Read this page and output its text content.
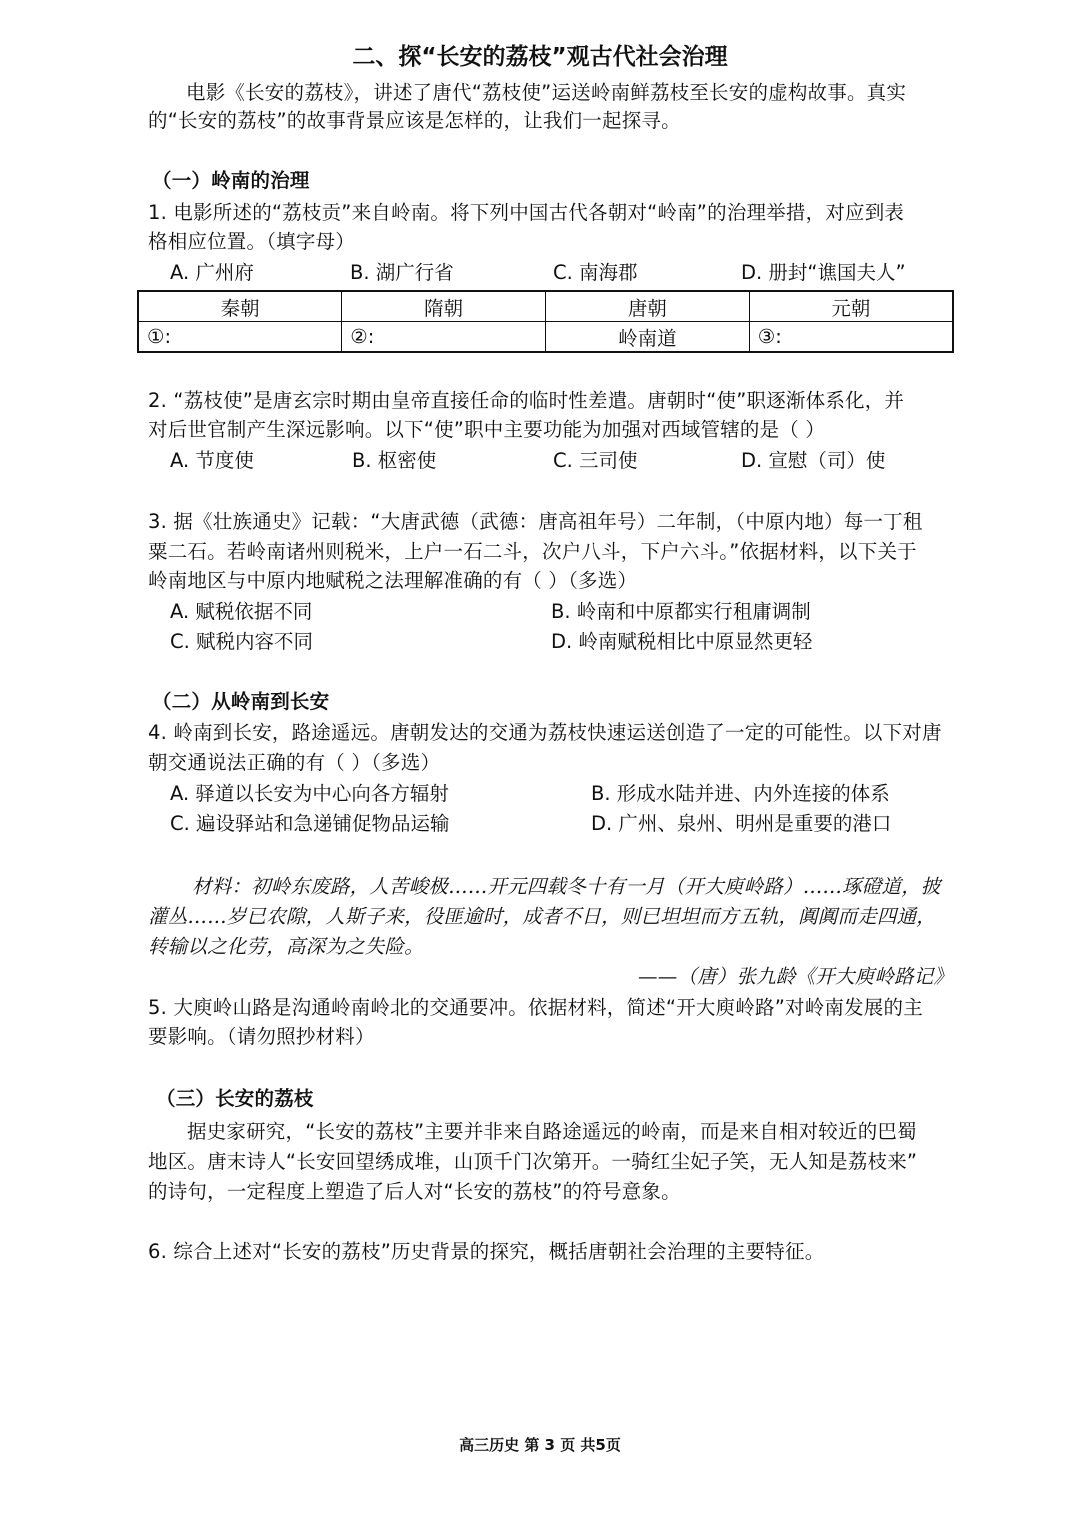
二、探“长安的荔枝”观古代社会治理
电影《长安的荔枝》，讲述了唐代“荔枝使”运送岭南鲜荔枝至长安的虚构故事。真实
的“长安的荔枝”的故事背景应该是怎样的，让我们一起探寻。
（一）岭南的治理
1. 电影所述的“荔枝贡”来自岭南。将下列中国古代各朝对“岭南”的治理举措，对应到表
格相应位置。（填字母）
A. 广州府	B. 湖广行省	C. 南海郡	D. 册封“谯国夫人”
秦朝	隋朝	唐朝	元朝
①:	②:	岭南道	③:
2. “荔枝使”是唐玄宗时期由皇帝直接任命的临时性差遣。唐朝时“使”职逐渐体系化，并
对后世官制产生深远影响。以下“使”职中主要功能为加强对西域管辖的是（ ）
A. 节度使	B. 枢密使	C. 三司使	D. 宣慰（司）使
3. 据《壮族通史》记载：“大唐武德（武德：唐高祖年号）二年制，（中原内地）每一丁租
粟二石。若岭南诸州则税米，上户一石二斗，次户八斗，下户六斗。”依据材料，以下关于
岭南地区与中原内地赋税之法理解准确的有（ ）（多选）
A. 赋税依据不同	B. 岭南和中原都实行租庸调制
C. 赋税内容不同	D. 岭南赋税相比中原显然更轻
（二）从岭南到长安
4. 岭南到长安，路途遥远。唐朝发达的交通为荔枝快速运送创造了一定的可能性。以下对唐
朝交通说法正确的有（ ）（多选）
A. 驿道以长安为中心向各方辐射	B. 形成水陆并进、内外连接的体系
C. 遍设驿站和急递铺促物品运输	D. 广州、泉州、明州是重要的港口
材料：初岭东废路，人苦峻极……开元四载冬十有一月（开大庾岭路）……琢磴道，披
灌丛……岁已农隙，人斯子来，役匪逾时，成者不日，则已坦坦而方五轨，阗阗而走四通，
转输以之化劳，高深为之失险。
——（唐）张九龄《开大庾岭路记》
5. 大庾岭山路是沟通岭南岭北的交通要冲。依据材料，简述“开大庾岭路”对岭南发展的主
要影响。（请勿照抄材料）
（三）长安的荔枝
据史家研究，“长安的荔枝”主要并非来自路途遥远的岭南，而是来自相对较近的巴蜀
地区。唐末诗人“长安回望绣成堆，山顶千门次第开。一骑红尘妃子笑，无人知是荔枝来”
的诗句，一定程度上塑造了后人对“长安的荔枝”的符号意象。
6. 综合上述对“长安的荔枝”历史背景的探究，概括唐朝社会治理的主要特征。
高三历史 第 3 页 共5页
